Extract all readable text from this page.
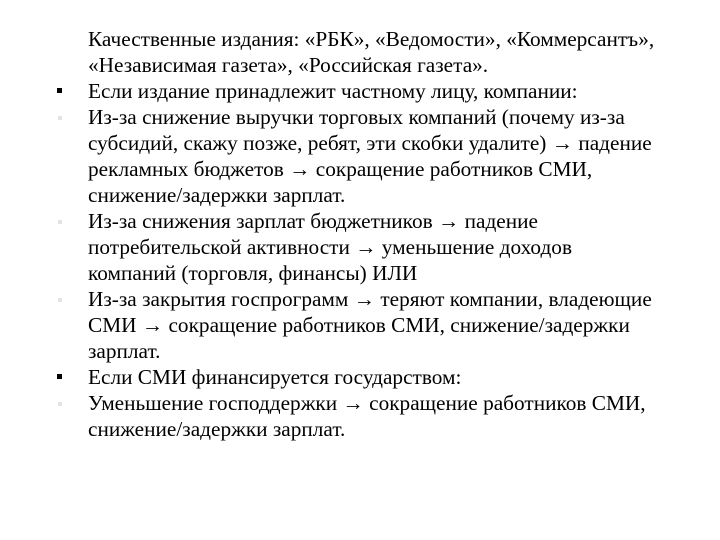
Качественные издания: «РБК», «Ведомости», «Коммерсантъ», «Независимая газета», «Российская газета».
Если издание принадлежит частному лицу, компании:
Из-за снижение выручки торговых компаний (почему из-за субсидий, скажу позже, ребят, эти скобки удалите) → падение рекламных бюджетов → сокращение работников СМИ, снижение/задержки зарплат.
Из-за снижения зарплат бюджетников → падение потребительской активности → уменьшение доходов компаний (торговля, финансы) ИЛИ
Из-за закрытия госпрограмм → теряют компании, владеющие СМИ → сокращение работников СМИ, снижение/задержки зарплат.
Если СМИ финансируется государством:
Уменьшение господдержки → сокращение работников СМИ, снижение/задержки зарплат.
